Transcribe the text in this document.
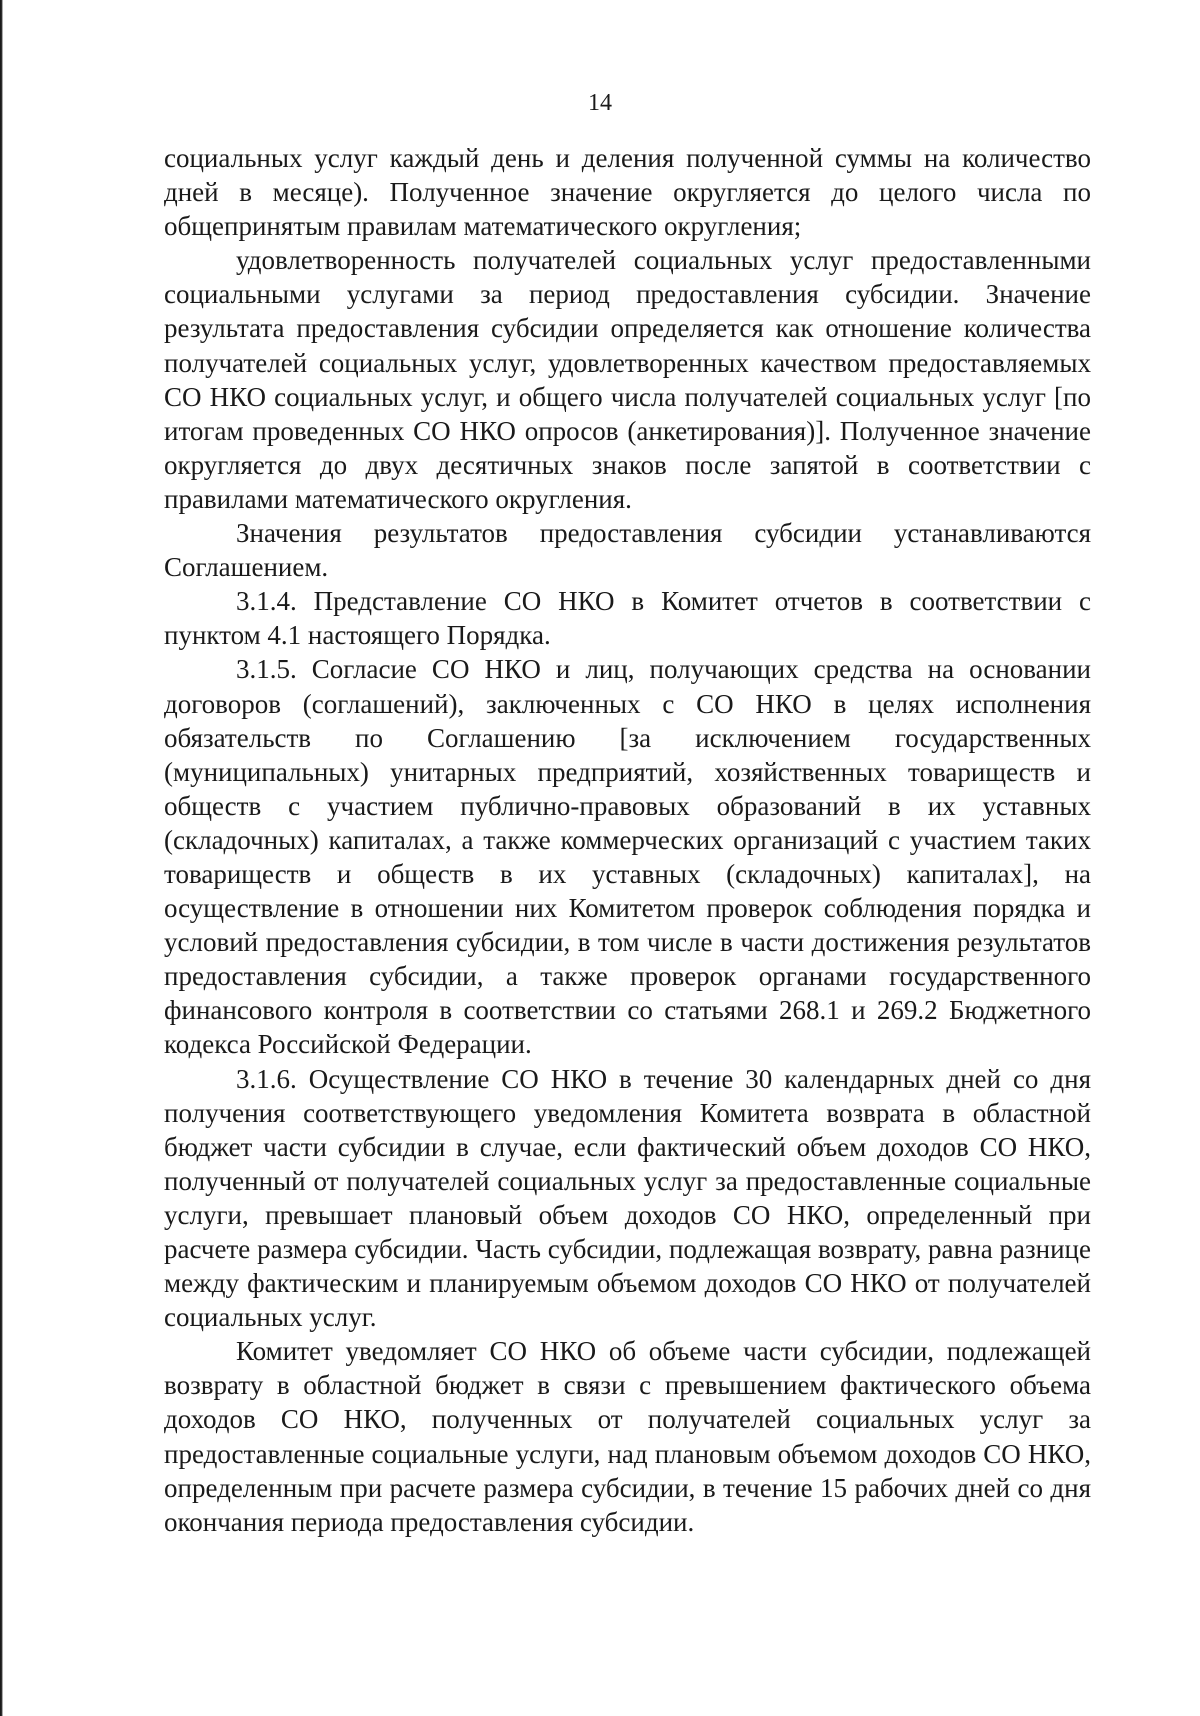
14

социальных услуг каждый день и деления полученной суммы на количество дней в месяце). Полученное значение округляется до целого числа по общепринятым правилам математического округления;

удовлетворенность получателей социальных услуг предоставленными социальными услугами за период предоставления субсидии. Значение результата предоставления субсидии определяется как отношение количества получателей социальных услуг, удовлетворенных качеством предоставляемых СО НКО социальных услуг, и общего числа получателей социальных услуг [по итогам проведенных СО НКО опросов (анкетирования)]. Полученное значение округляется до двух десятичных знаков после запятой в соответствии с правилами математического округления.

Значения результатов предоставления субсидии устанавливаются Соглашением.

3.1.4. Представление СО НКО в Комитет отчетов в соответствии с пунктом 4.1 настоящего Порядка.

3.1.5. Согласие СО НКО и лиц, получающих средства на основании договоров (соглашений), заключенных с СО НКО в целях исполнения обязательств по Соглашению [за исключением государственных (муниципальных) унитарных предприятий, хозяйственных товариществ и обществ с участием публично-правовых образований в их уставных (складочных) капиталах, а также коммерческих организаций с участием таких товариществ и обществ в их уставных (складочных) капиталах], на осуществление в отношении них Комитетом проверок соблюдения порядка и условий предоставления субсидии, в том числе в части достижения результатов предоставления субсидии, а также проверок органами государственного финансового контроля в соответствии со статьями 268.1 и 269.2 Бюджетного кодекса Российской Федерации.

3.1.6. Осуществление СО НКО в течение 30 календарных дней со дня получения соответствующего уведомления Комитета возврата в областной бюджет части субсидии в случае, если фактический объем доходов СО НКО, полученный от получателей социальных услуг за предоставленные социальные услуги, превышает плановый объем доходов СО НКО, определенный при расчете размера субсидии. Часть субсидии, подлежащая возврату, равна разнице между фактическим и планируемым объемом доходов СО НКО от получателей социальных услуг.

Комитет уведомляет СО НКО об объеме части субсидии, подлежащей возврату в областной бюджет в связи с превышением фактического объема доходов СО НКО, полученных от получателей социальных услуг за предоставленные социальные услуги, над плановым объемом доходов СО НКО, определенным при расчете размера субсидии, в течение 15 рабочих дней со дня окончания периода предоставления субсидии.
